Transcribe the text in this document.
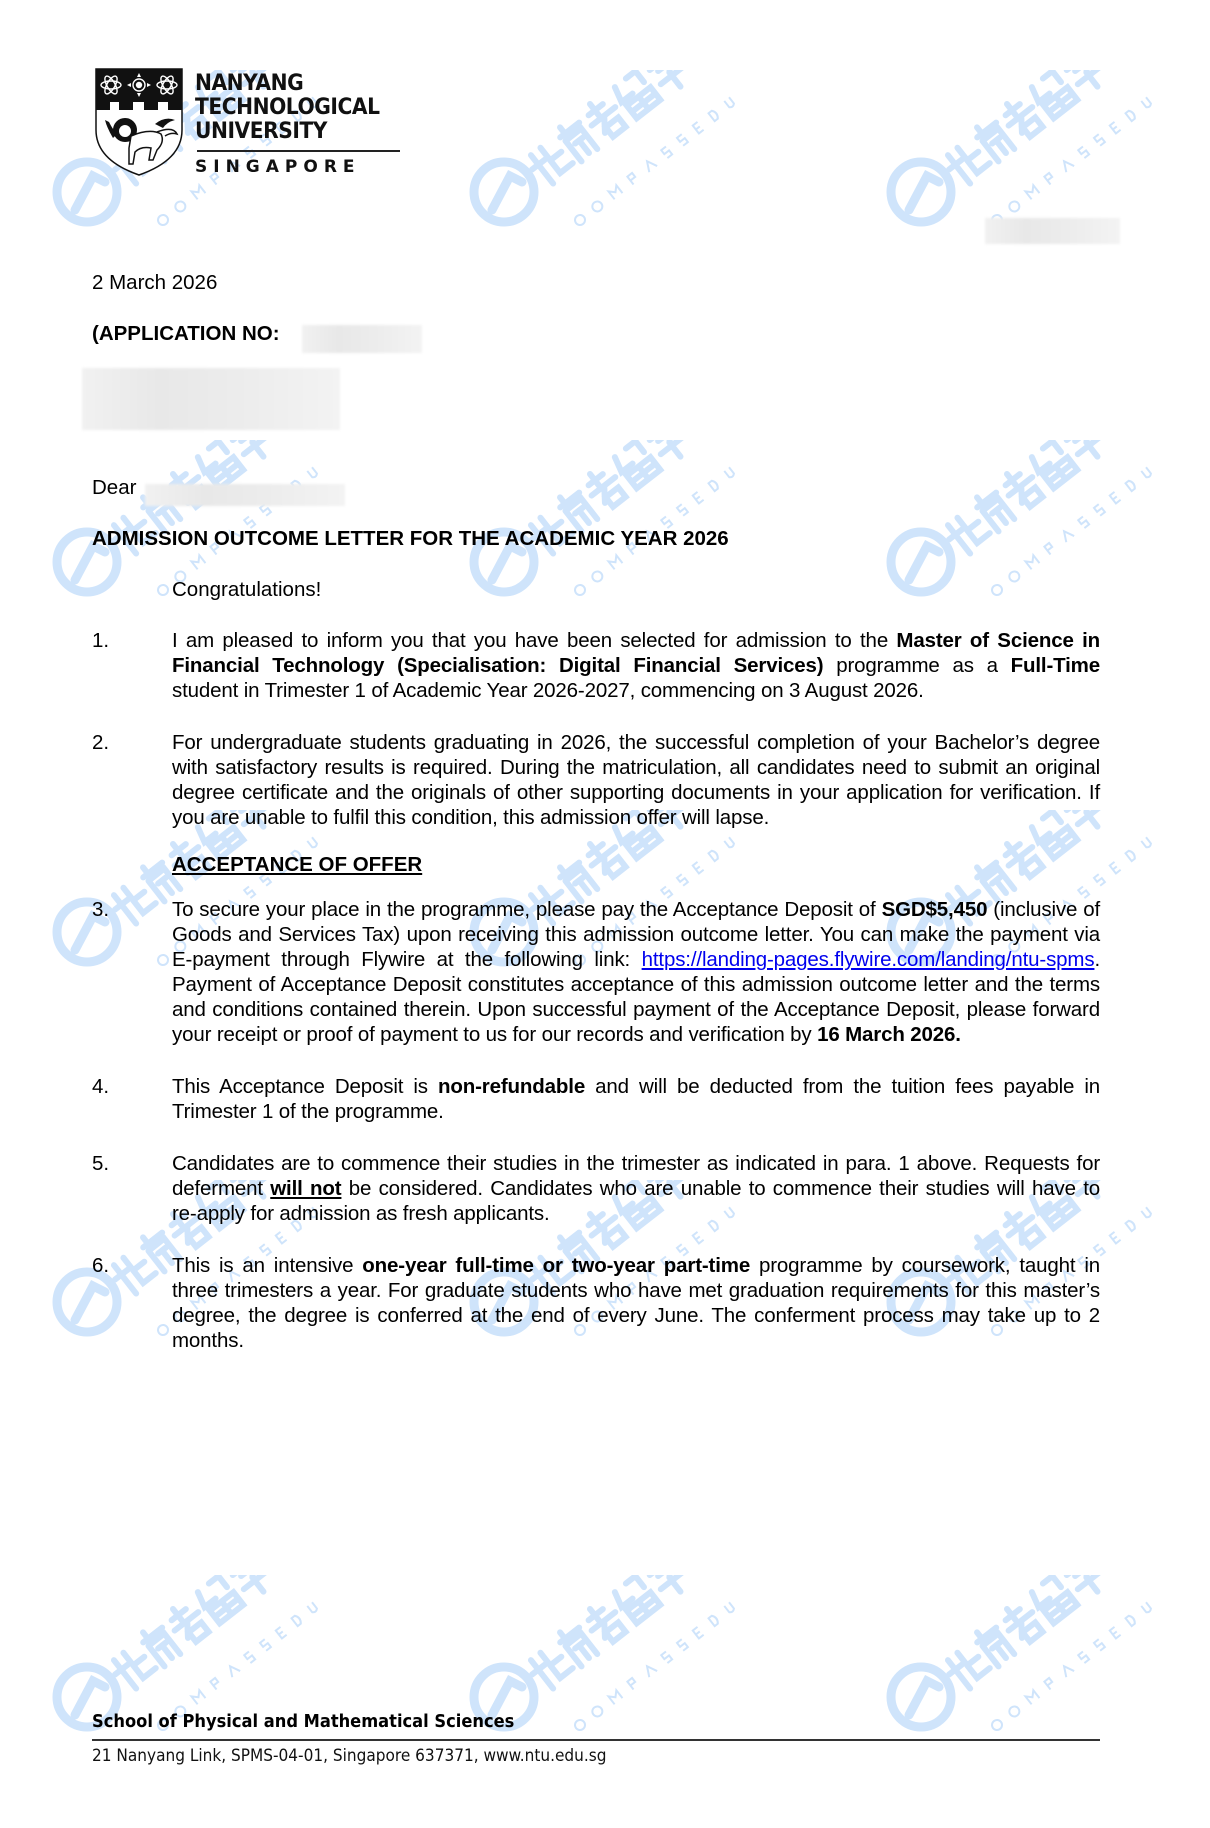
NANYANG
TECHNOLOGICAL
UNIVERSITY
SINGAPORE
2 March 2026
(APPLICATION NO:
Dear
ADMISSION OUTCOME LETTER FOR THE ACADEMIC YEAR 2026
Congratulations!
1.	I am pleased to inform you that you have been selected for admission to the Master of Science in Financial Technology (Specialisation: Digital Financial Services) programme as a Full-Time student in Trimester 1 of Academic Year 2026-2027, commencing on 3 August 2026.
2.	For undergraduate students graduating in 2026, the successful completion of your Bachelor’s degree with satisfactory results is required. During the matriculation, all candidates need to submit an original degree certificate and the originals of other supporting documents in your application for verification. If you are unable to fulfil this condition, this admission offer will lapse.
ACCEPTANCE OF OFFER
3.	To secure your place in the programme, please pay the Acceptance Deposit of SGD$5,450 (inclusive of Goods and Services Tax) upon receiving this admission outcome letter. You can make the payment via E-payment through Flywire at the following link: https://landing-pages.flywire.com/landing/ntu-spms. Payment of Acceptance Deposit constitutes acceptance of this admission outcome letter and the terms and conditions contained therein. Upon successful payment of the Acceptance Deposit, please forward your receipt or proof of payment to us for our records and verification by 16 March 2026.
4.	This Acceptance Deposit is non-refundable and will be deducted from the tuition fees payable in Trimester 1 of the programme.
5.	Candidates are to commence their studies in the trimester as indicated in para. 1 above. Requests for deferment will not be considered. Candidates who are unable to commence their studies will have to re-apply for admission as fresh applicants.
6.	This is an intensive one-year full-time or two-year part-time programme by coursework, taught in three trimesters a year. For graduate students who have met graduation requirements for this master’s degree, the degree is conferred at the end of every June. The conferment process may take up to 2 months.
School of Physical and Mathematical Sciences
21 Nanyang Link, SPMS-04-01, Singapore 637371, www.ntu.edu.sg
